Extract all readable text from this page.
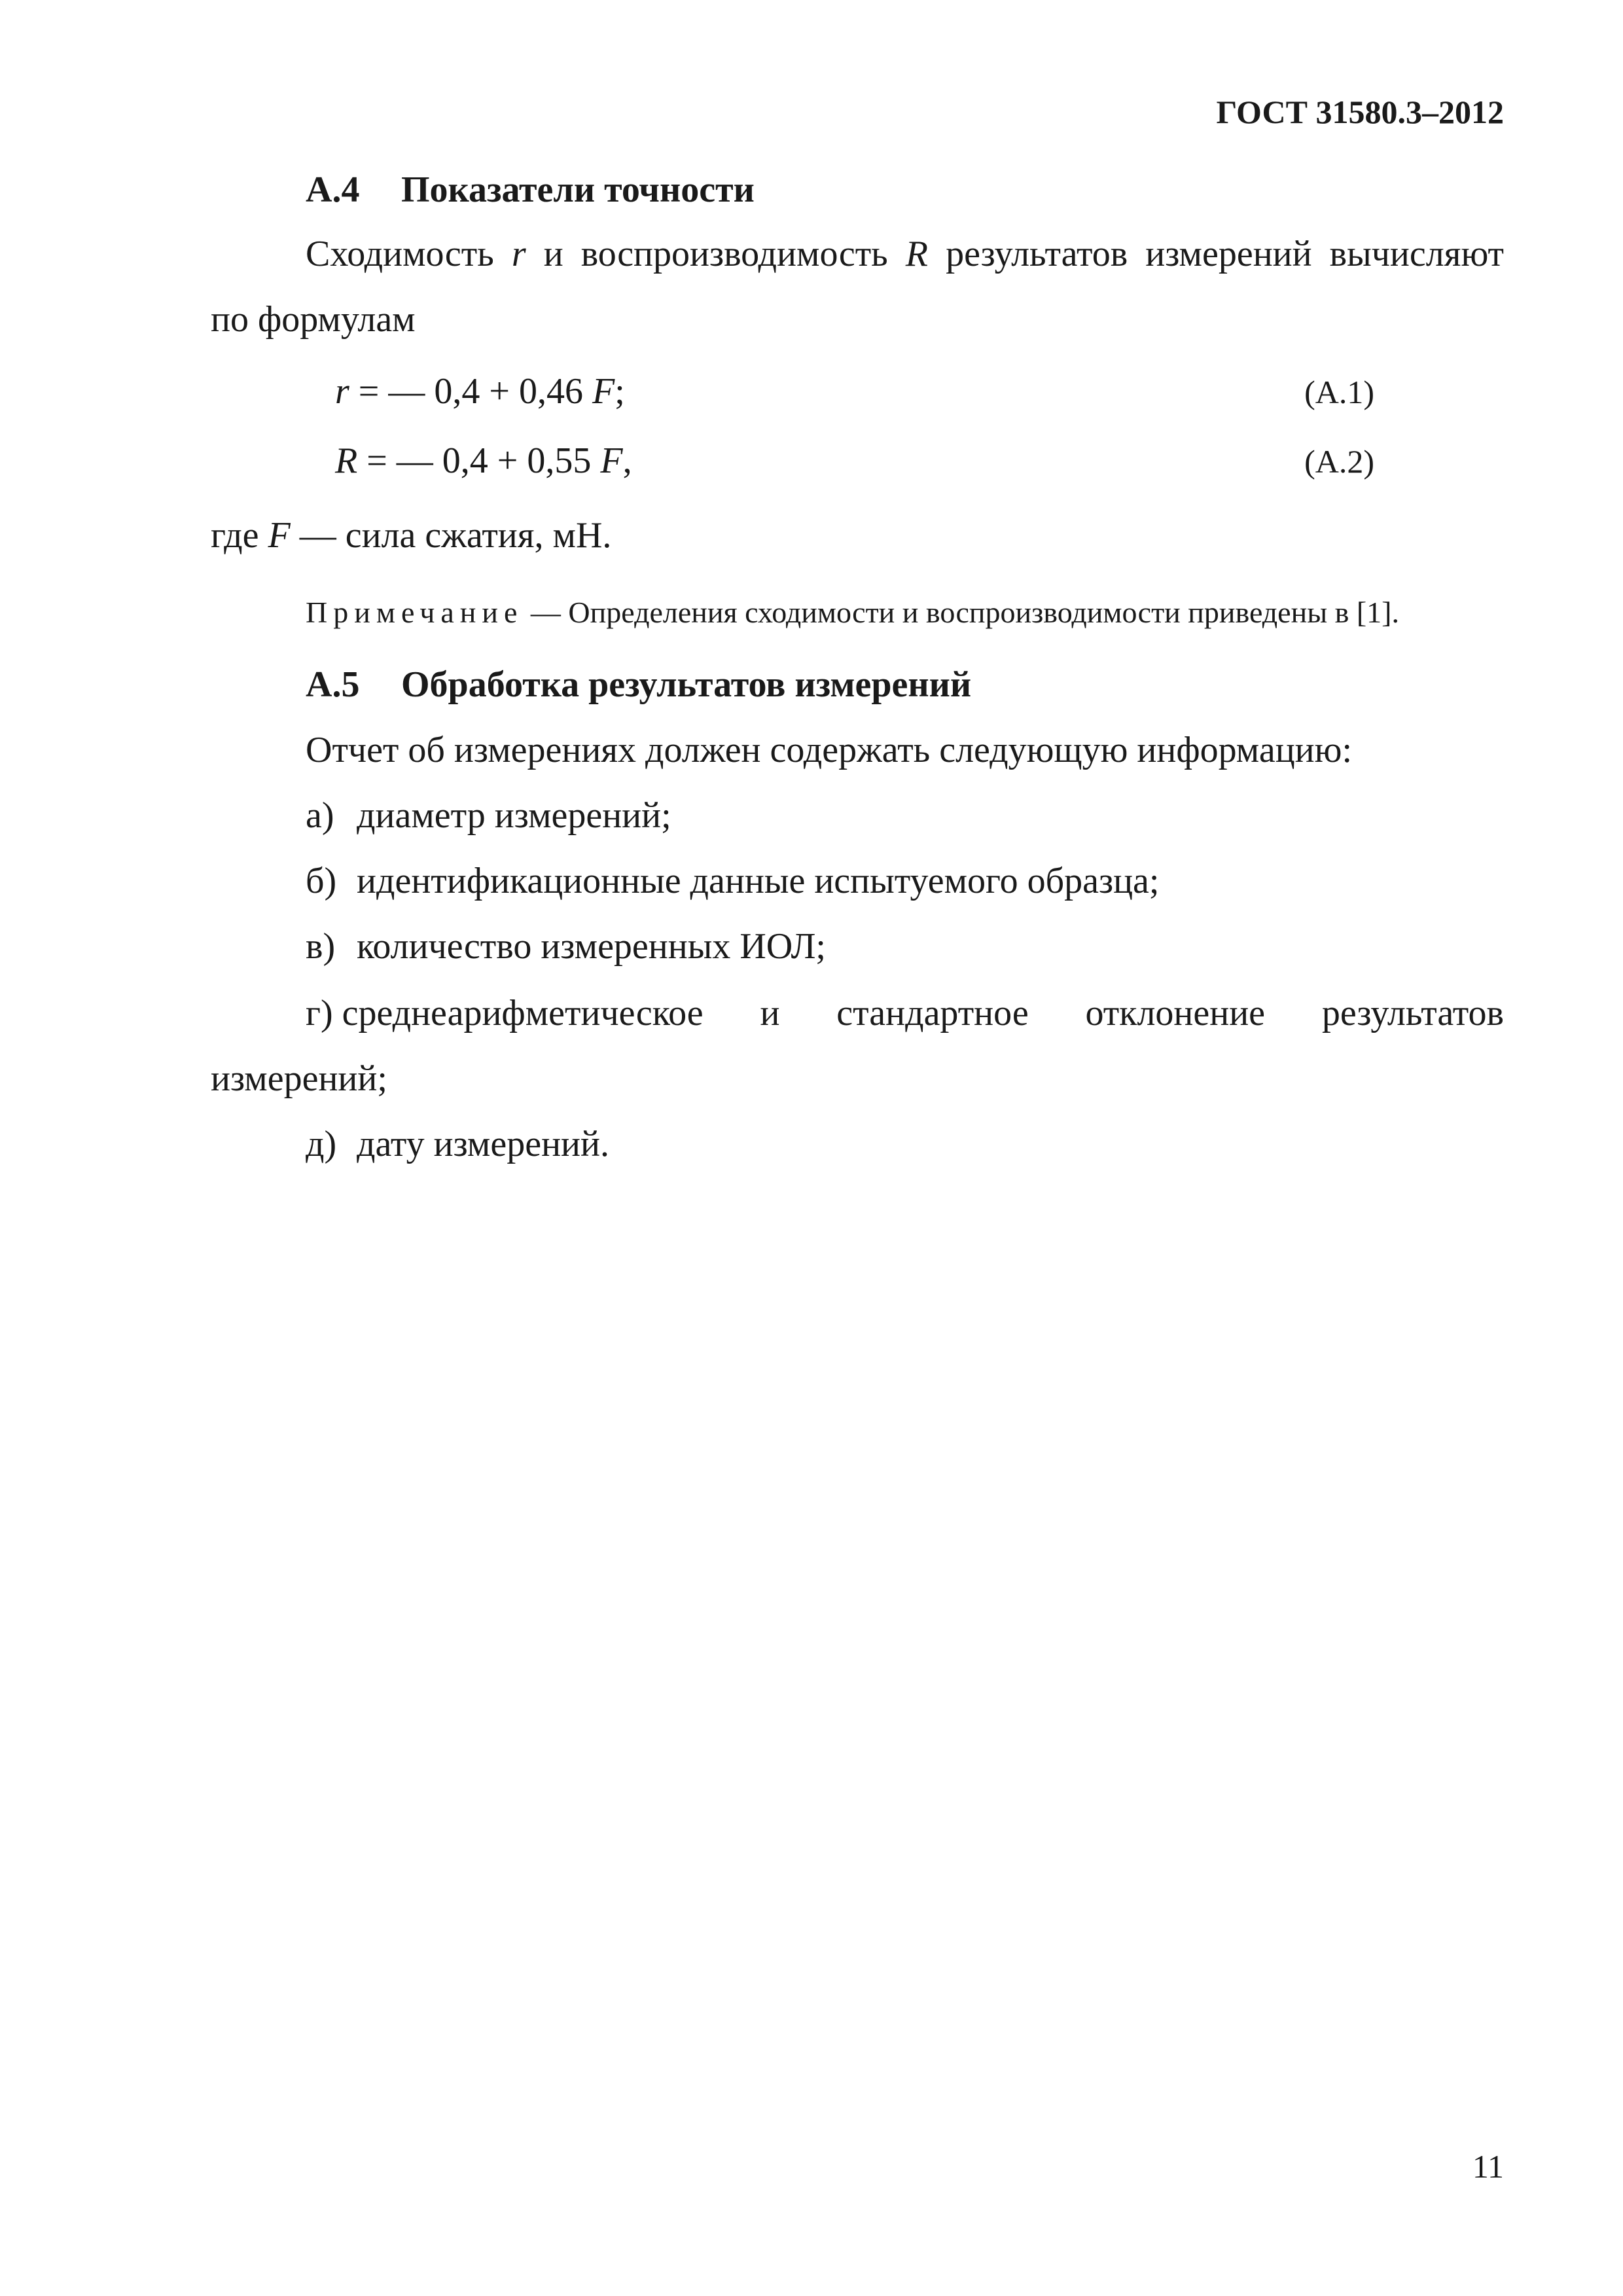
ГОСТ 31580.3–2012
А.4 Показатели точности
Сходимость r и воспроизводимость R результатов измерений вычисляют
по формулам
r = — 0,4 + 0,46 F;	(А.1)
R = — 0,4 + 0,55 F,	(А.2)
где F — сила сжатия, мН.
Примечание — Определения сходимости и воспроизводимости приведены в [1].
А.5 Обработка результатов измерений
Отчет об измерениях должен содержать следующую информацию:
а) диаметр измерений;
б) идентификационные данные испытуемого образца;
в) количество измеренных ИОЛ;
г) среднеарифметическое и стандартное отклонение результатов
измерений;
д) дату измерений.
11
